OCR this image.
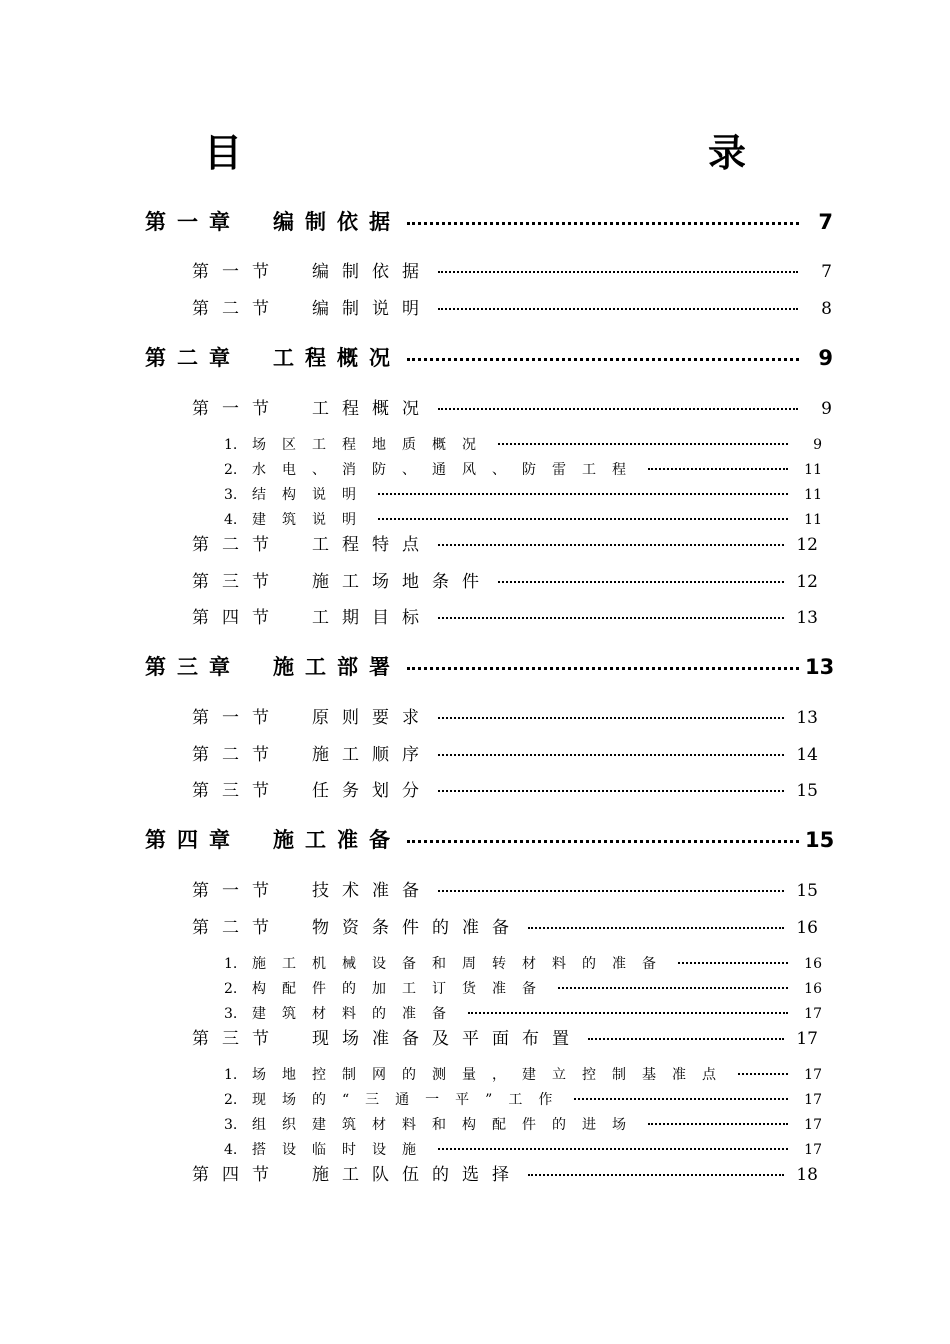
目　　录
第一章　编制依据	7
第一节　编制依据	7
第二节　编制说明	8
第二章　工程概况	9
第一节　工程概况	9
1.	场区工程地质概况	9
2.	水电、消防、通风、防雷工程	11
3.	结构说明	11
4.	建筑说明	11
第二节　工程特点	12
第三节　施工场地条件	12
第四节　工期目标	13
第三章　施工部署	13
第一节　原则要求	13
第二节　施工顺序	14
第三节　任务划分	15
第四章　施工准备	15
第一节　技术准备	15
第二节　物资条件的准备	16
1.	施工机械设备和周转材料的准备	16
2.	构配件的加工订货准备	16
3.	建筑材料的准备	17
第三节　现场准备及平面布置	17
1.	场地控制网的测量，建立控制基准点	17
2.	现场的“三通一平”工作	17
3.	组织建筑材料和构配件的进场	17
4.	搭设临时设施	17
第四节　施工队伍的选择	18
